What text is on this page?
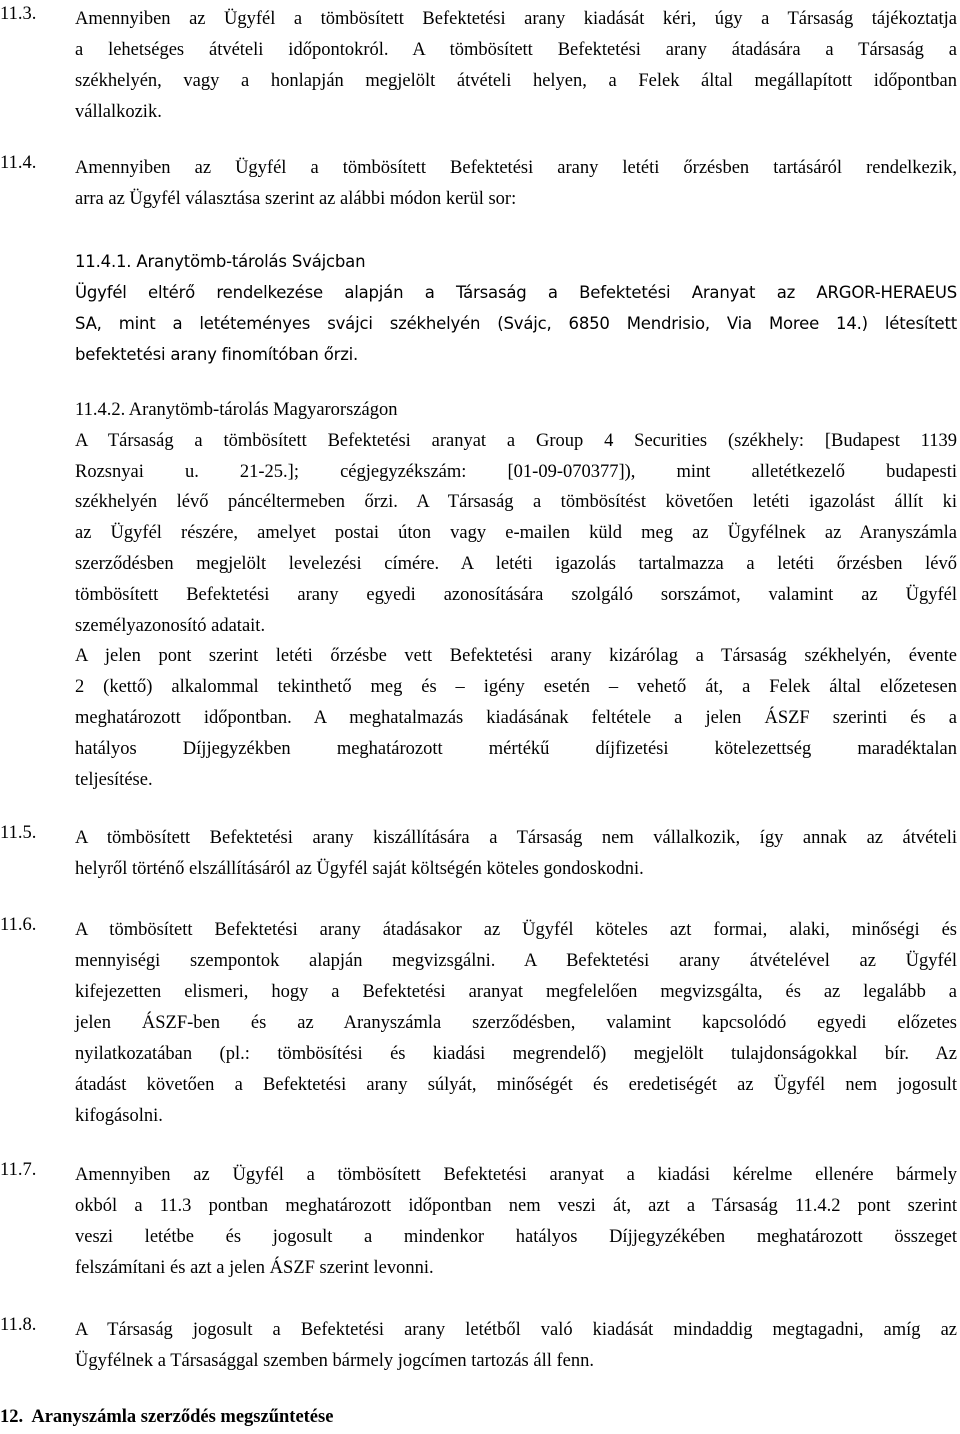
11.3. Amennyiben az Ügyfél a tömbösített Befektetési arany kiadását kéri, úgy a Társaság tájékoztatja
a lehetséges átvételi időpontokról. A tömbösített Befektetési arany átadására a Társaság a
székhelyén, vagy a honlapján megjelölt átvételi helyen, a Felek által megállapított időpontban
vállalkozik.
11.4. Amennyiben az Ügyfél a tömbösített Befektetési arany letéti őrzésben tartásáról rendelkezik,
arra az Ügyfél választása szerint az alábbi módon kerül sor:
11.4.1. Aranytömb-tárolás Svájcban
Ügyfél eltérő rendelkezése alapján a Társaság a Befektetési Aranyat az ARGOR-HERAEUS
SA, mint a letéteményes svájci székhelyén (Svájc, 6850 Mendrisio, Via Moree 14.) létesített
befektetési arany finomítóban őrzi.
11.4.2. Aranytömb-tárolás Magyarországon
A Társaság a tömbösített Befektetési aranyat a Group 4 Securities (székhely: [Budapest 1139
Rozsnyai u. 21-25.]; cégjegyzékszám: [01-09-070377]), mint alletétkezelő budapesti
székhelyén lévő páncéltermeben őrzi. A Társaság a tömbösítést követően letéti igazolást állít ki
az Ügyfél részére, amelyet postai úton vagy e-mailen küld meg az Ügyfélnek az Aranyszámla
szerződésben megjelölt levelezési címére. A letéti igazolás tartalmazza a letéti őrzésben lévő
tömbösített Befektetési arany egyedi azonosítására szolgáló sorszámot, valamint az Ügyfél
személyazonosító adatait.
A jelen pont szerint letéti őrzésbe vett Befektetési arany kizárólag a Társaság székhelyén, évente
2 (kettő) alkalommal tekinthető meg és – igény esetén – vehető át, a Felek által előzetesen
meghatározott időpontban. A meghatalmazás kiadásának feltétele a jelen ÁSZF szerinti és a
hatályos Díjjegyzékben meghatározott mértékű díjfizetési kötelezettség maradéktalan
teljesítése.
11.5. A tömbösített Befektetési arany kiszállítására a Társaság nem vállalkozik, így annak az átvételi
helyről történő elszállításáról az Ügyfél saját költségén köteles gondoskodni.
11.6. A tömbösített Befektetési arany átadásakor az Ügyfél köteles azt formai, alaki, minőségi és
mennyiségi szempontok alapján megvizsgálni. A Befektetési arany átvételével az Ügyfél
kifejezetten elismeri, hogy a Befektetési aranyat megfelelően megvizsgálta, és az legalább a
jelen ÁSZF-ben és az Aranyszámla szerződésben, valamint kapcsolódó egyedi előzetes
nyilatkozatában (pl.: tömbösítési és kiadási megrendelő) megjelölt tulajdonságokkal bír. Az
átadást követően a Befektetési arany súlyát, minőségét és eredetiségét az Ügyfél nem jogosult
kifogásolni.
11.7. Amennyiben az Ügyfél a tömbösített Befektetési aranyat a kiadási kérelme ellenére bármely
okból a 11.3 pontban meghatározott időpontban nem veszi át, azt a Társaság 11.4.2 pont szerint
veszi letétbe és jogosult a mindenkor hatályos Díjjegyzékében meghatározott összeget
felszámítani és azt a jelen ÁSZF szerint levonni.
11.8. A Társaság jogosult a Befektetési arany letétből való kiadását mindaddig megtagadni, amíg az
Ügyfélnek a Társasággal szemben bármely jogcímen tartozás áll fenn.
12.  Aranyszámla szerződés megszűntetése
